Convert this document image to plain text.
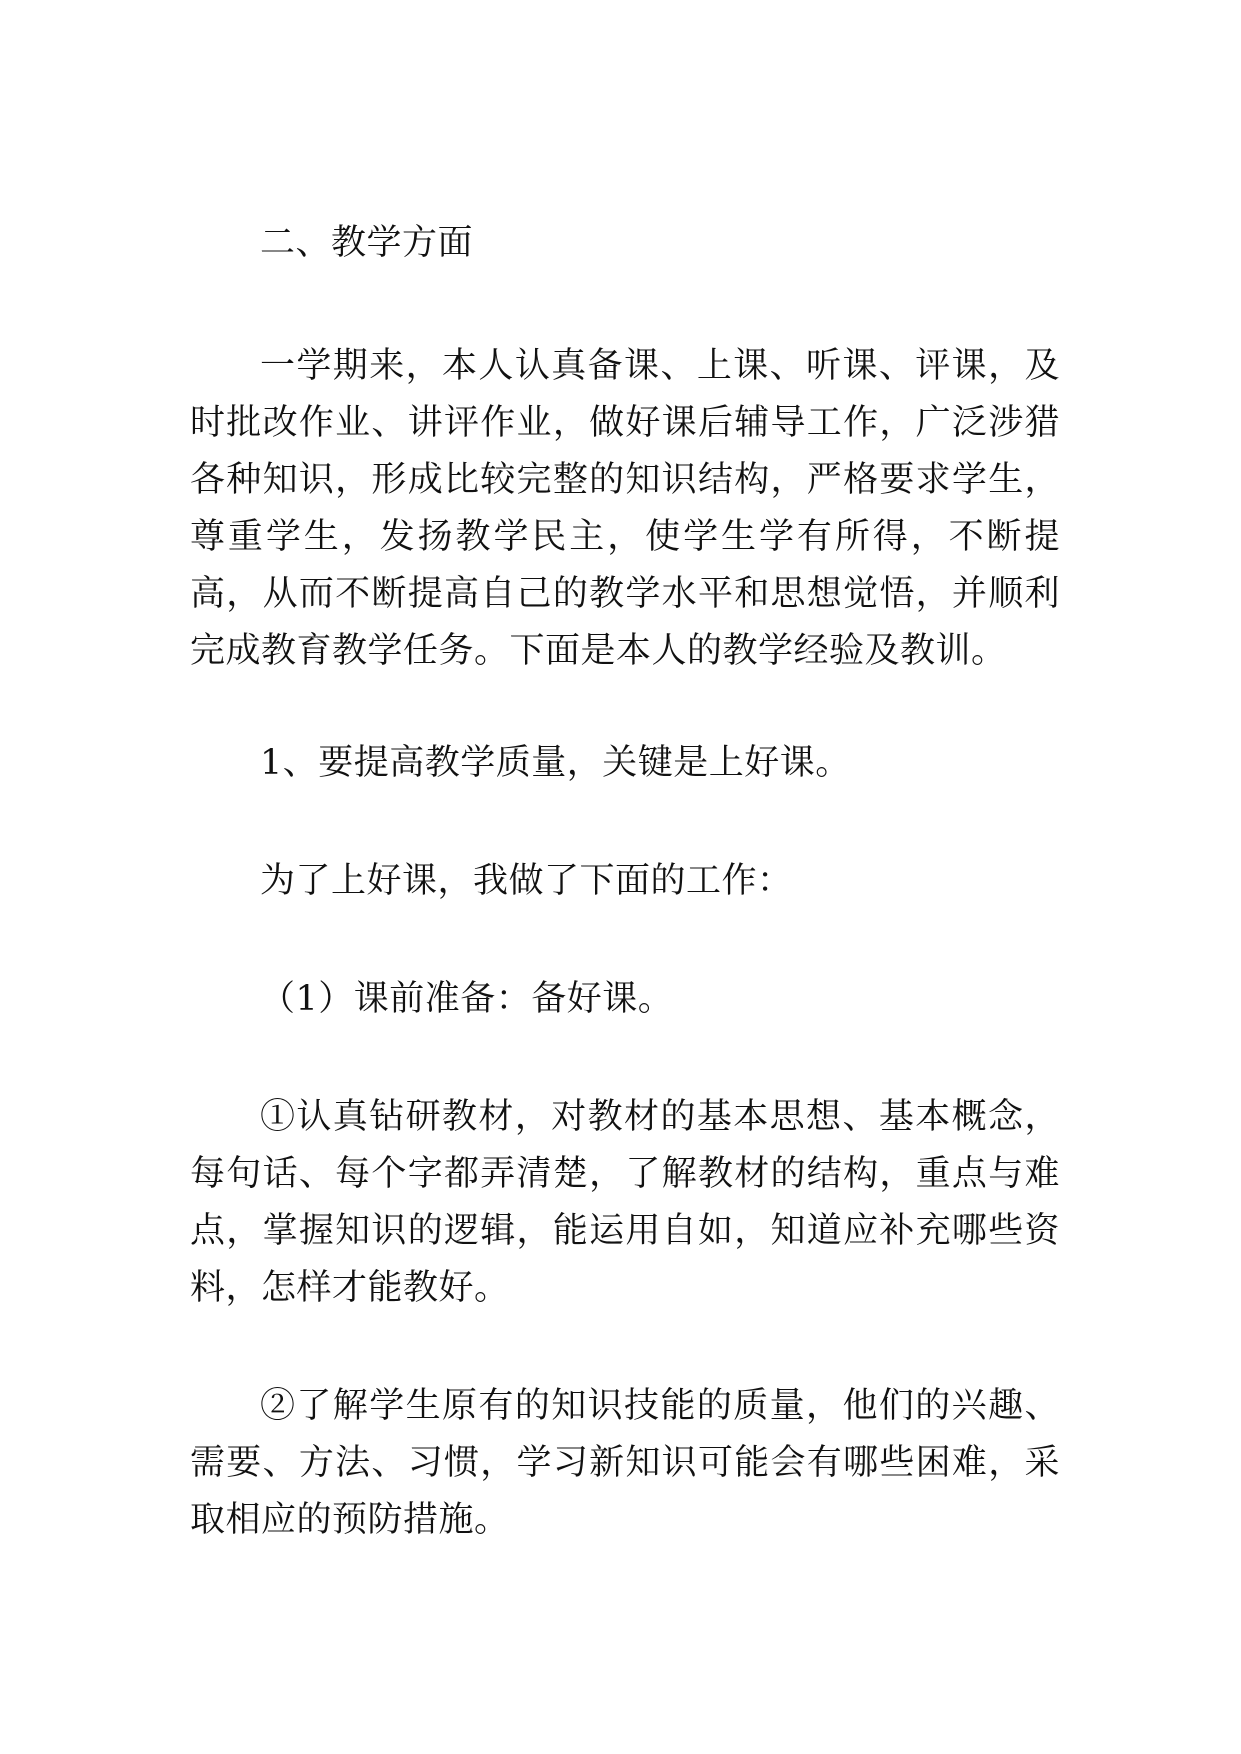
二、教学方面

一学期来，本人认真备课、上课、听课、评课，及时批改作业、讲评作业，做好课后辅导工作，广泛涉猎各种知识，形成比较完整的知识结构，严格要求学生，尊重学生，发扬教学民主，使学生学有所得，不断提高，从而不断提高自己的教学水平和思想觉悟，并顺利完成教育教学任务。下面是本人的教学经验及教训。

1、要提高教学质量，关键是上好课。

为了上好课，我做了下面的工作：

（1）课前准备：备好课。

①认真钻研教材，对教材的基本思想、基本概念，每句话、每个字都弄清楚，了解教材的结构，重点与难点，掌握知识的逻辑，能运用自如，知道应补充哪些资料，怎样才能教好。

②了解学生原有的知识技能的质量，他们的兴趣、需要、方法、习惯，学习新知识可能会有哪些困难，采取相应的预防措施。
